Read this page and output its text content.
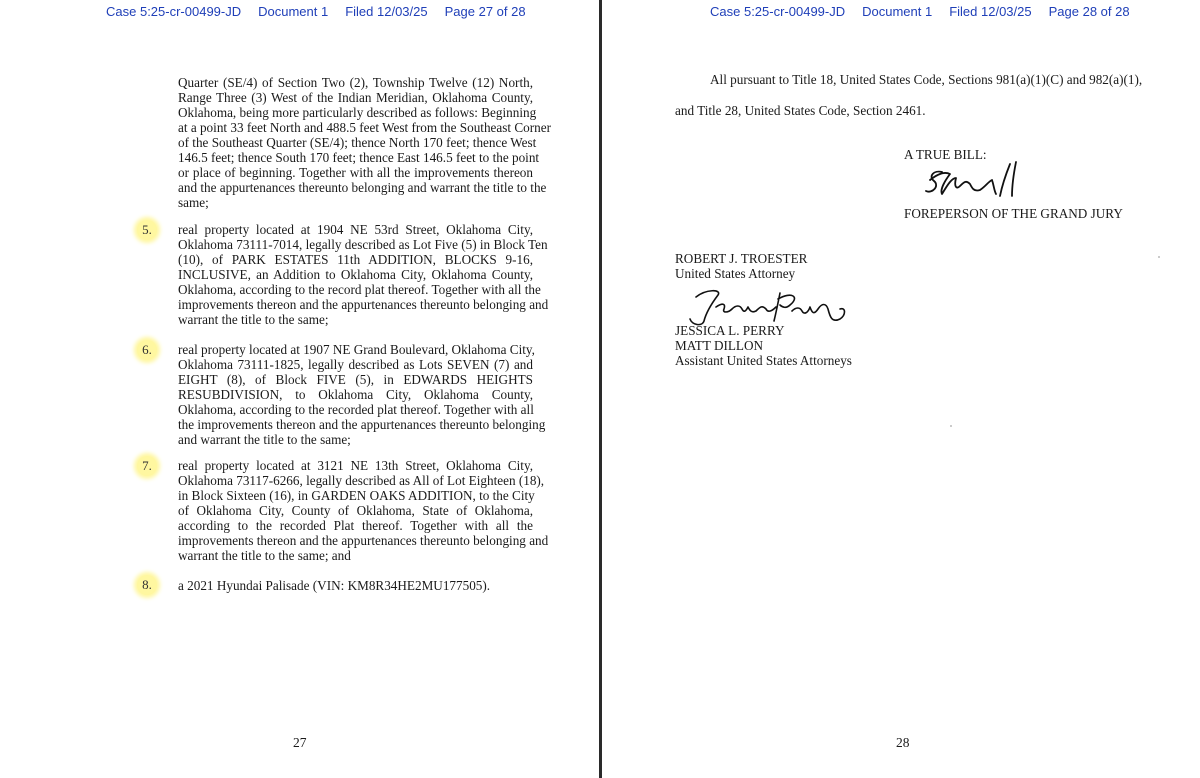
Case 5:25-cr-00499-JD Document 1 Filed 12/03/25 Page 27 of 28
Quarter (SE/4) of Section Two (2), Township Twelve (12) North,
Range Three (3) West of the Indian Meridian, Oklahoma County,
Oklahoma, being more particularly described as follows: Beginning
at a point 33 feet North and 488.5 feet West from the Southeast Corner
of the Southeast Quarter (SE/4); thence North 170 feet; thence West
146.5 feet; thence South 170 feet; thence East 146.5 feet to the point
or place of beginning. Together with all the improvements thereon
and the appurtenances thereunto belonging and warrant the title to the
same;
5.	real property located at 1904 NE 53rd Street, Oklahoma City,
Oklahoma 73111-7014, legally described as Lot Five (5) in Block Ten
(10), of PARK ESTATES 11th ADDITION, BLOCKS 9-16,
INCLUSIVE, an Addition to Oklahoma City, Oklahoma County,
Oklahoma, according to the record plat thereof. Together with all the
improvements thereon and the appurtenances thereunto belonging and
warrant the title to the same;
6.	real property located at 1907 NE Grand Boulevard, Oklahoma City,
Oklahoma 73111-1825, legally described as Lots SEVEN (7) and
EIGHT (8), of Block FIVE (5), in EDWARDS HEIGHTS
RESUBDIVISION, to Oklahoma City, Oklahoma County,
Oklahoma, according to the recorded plat thereof. Together with all
the improvements thereon and the appurtenances thereunto belonging
and warrant the title to the same;
7.	real property located at 3121 NE 13th Street, Oklahoma City,
Oklahoma 73117-6266, legally described as All of Lot Eighteen (18),
in Block Sixteen (16), in GARDEN OAKS ADDITION, to the City
of Oklahoma City, County of Oklahoma, State of Oklahoma,
according to the recorded Plat thereof. Together with all the
improvements thereon and the appurtenances thereunto belonging and
warrant the title to the same; and
8.	a 2021 Hyundai Palisade (VIN: KM8R34HE2MU177505).
27
Case 5:25-cr-00499-JD Document 1 Filed 12/03/25 Page 28 of 28
All pursuant to Title 18, United States Code, Sections 981(a)(1)(C) and 982(a)(1),
and Title 28, United States Code, Section 2461.
A TRUE BILL:
FOREPERSON OF THE GRAND JURY
ROBERT J. TROESTER
United States Attorney
JESSICA L. PERRY
MATT DILLON
Assistant United States Attorneys
28
